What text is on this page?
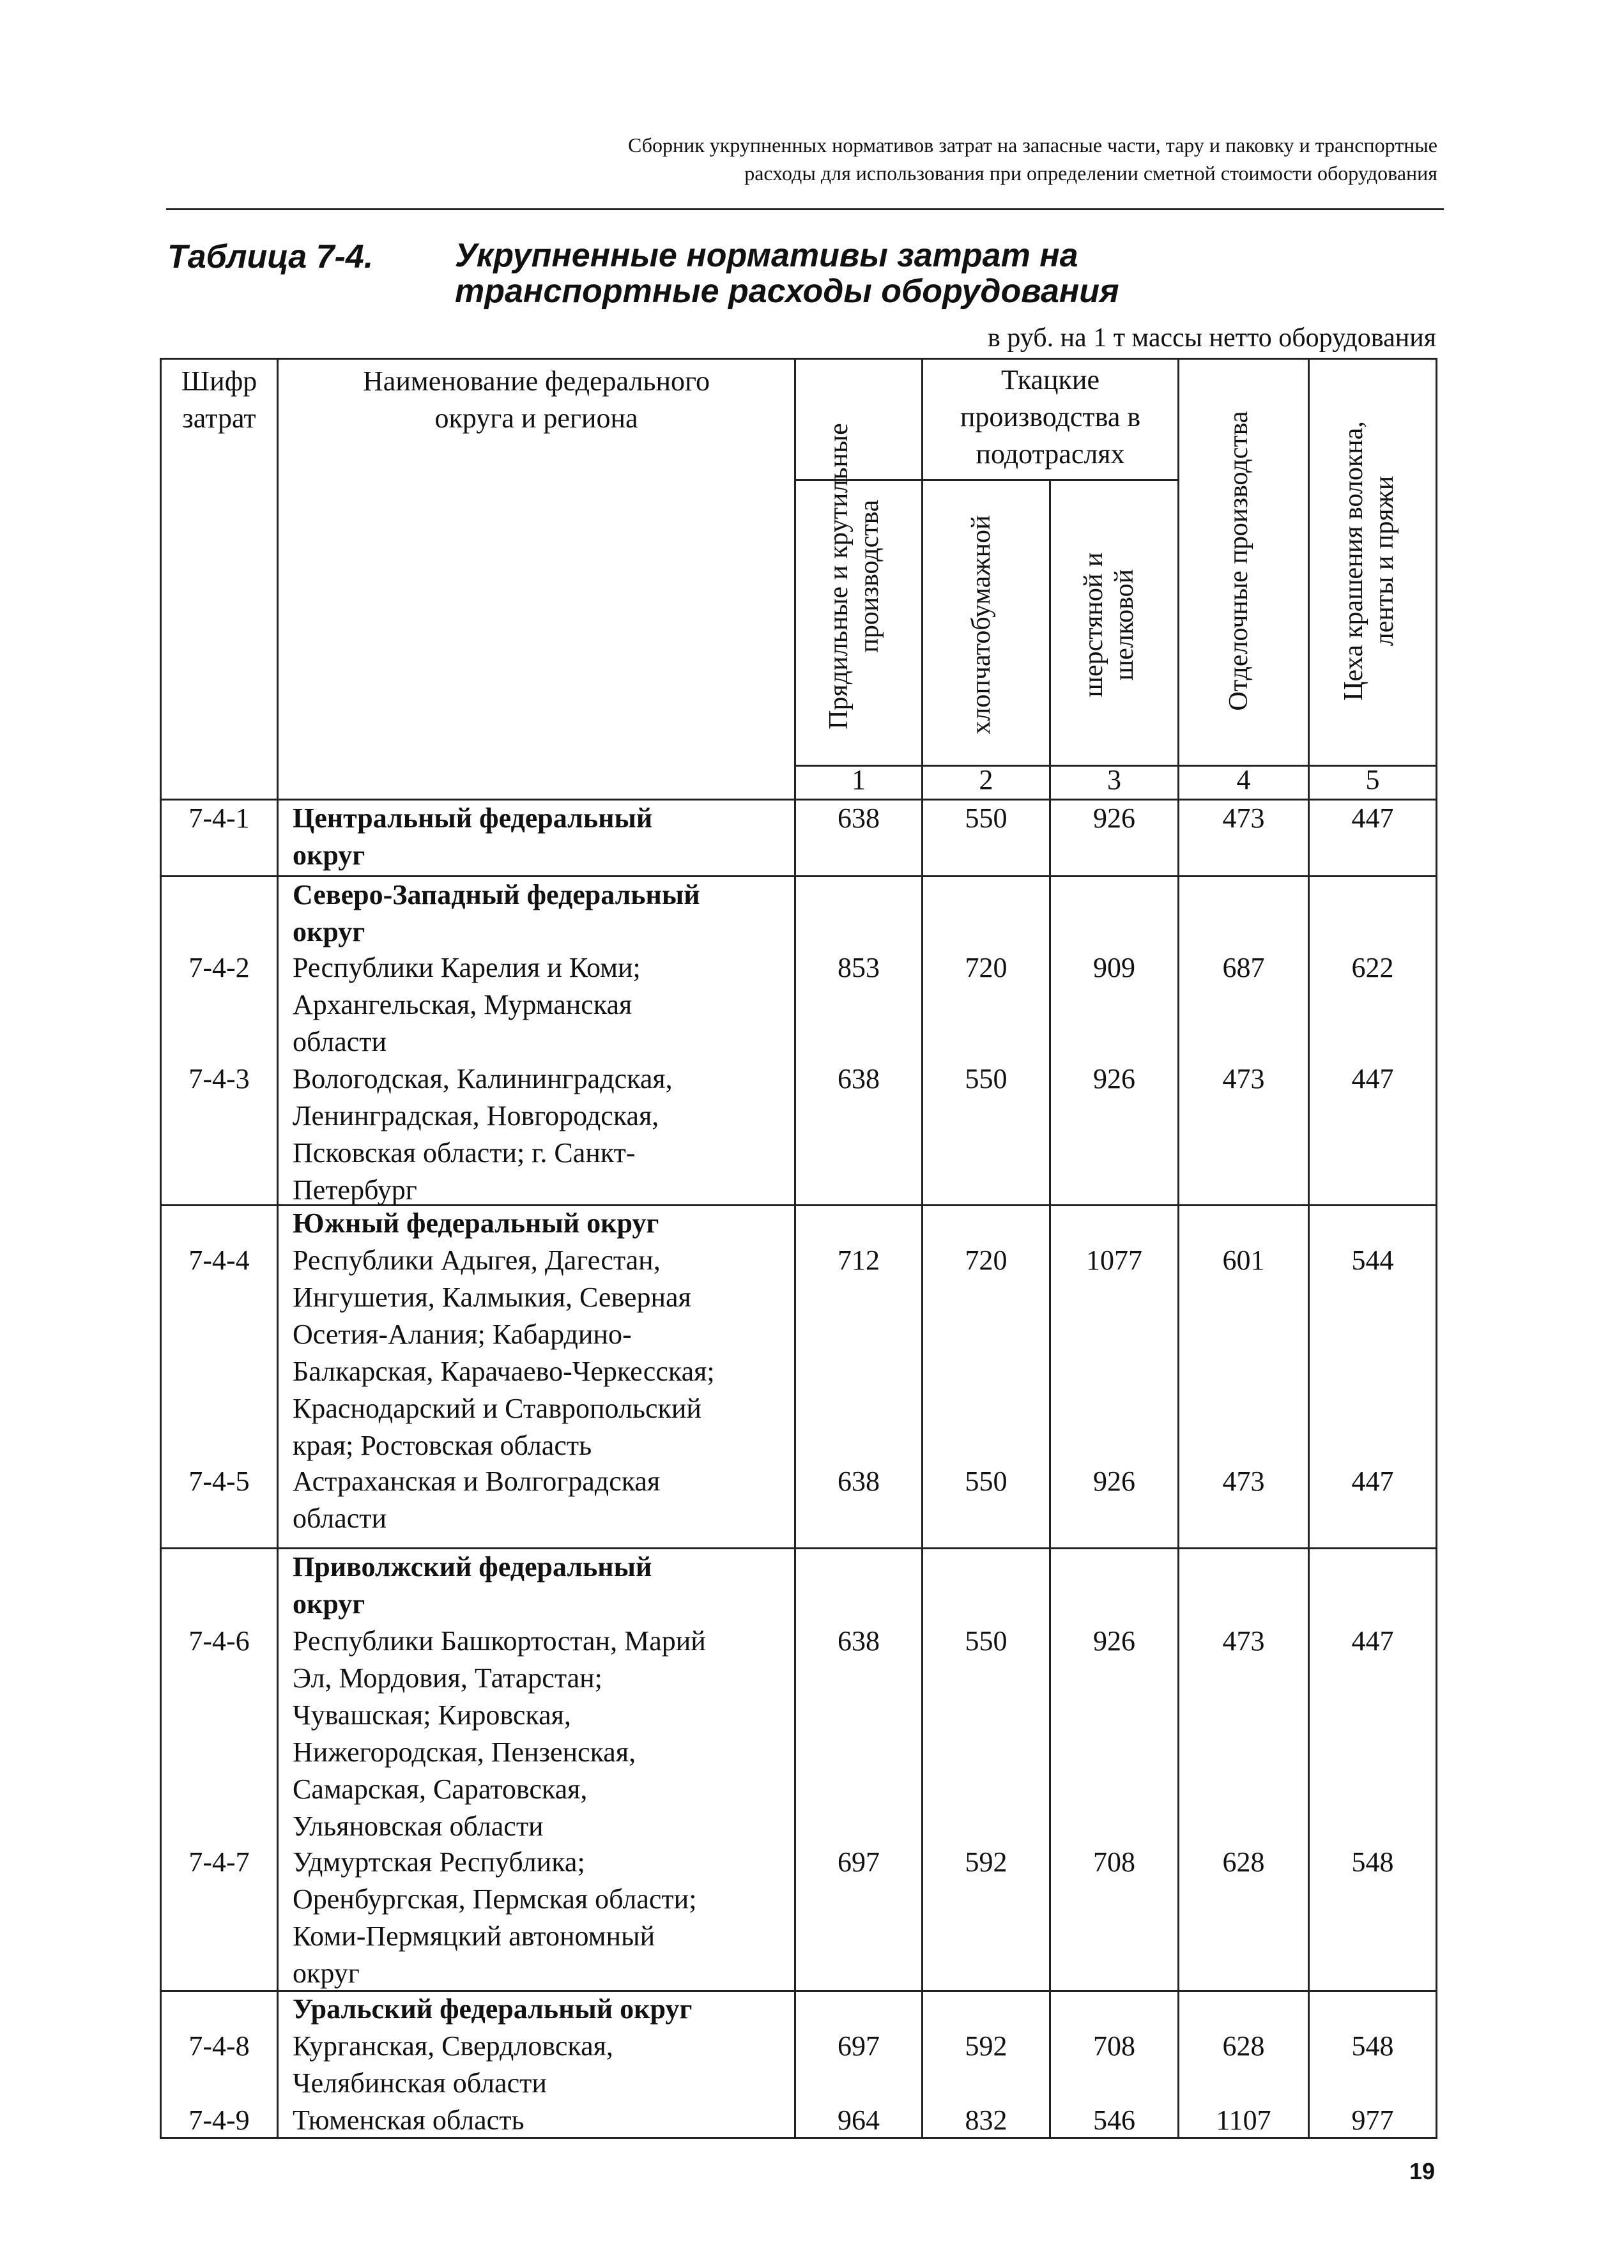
Сборник укрупненных нормативов затрат на запасные части, тару и паковку и транспортные
расходы для использования при определении сметной стоимости оборудования
Таблица 7-4. Укрупненные нормативы затрат на транспортные расходы оборудования
в руб. на 1 т массы нетто оборудования
Шифр
затрат
Наименование федерального
округа и региона
Прядильные и крутильные производства
Ткацкие
производства в
подотраслях
хлопчатобумажной	шерстяной и шелковой	Отделочные производства	Цеха крашения волокна, ленты и пряжи
1	2	3	4	5
7-4-1	Центральный федеральный
округ
638	550	926	473	447
Северо-Западный федеральный
округ
7-4-2	Республики Карелия и Коми;
Архангельская, Мурманская
области
853	720	909	687	622
7-4-3	Вологодская, Калининградская,
Ленинградская, Новгородская,
Псковская области; г. Санкт-
Петербург
638	550	926	473	447
Южный федеральный округ
7-4-4	Республики Адыгея, Дагестан,
Ингушетия, Калмыкия, Северная
Осетия-Алания; Кабардино-
Балкарская, Карачаево-Черкесская;
Краснодарский и Ставропольский
края; Ростовская область
712	720	1077	601	544
7-4-5	Астраханская и Волгоградская
области
638	550	926	473	447
Приволжский федеральный
округ
7-4-6	Республики Башкортостан, Марий
Эл, Мордовия, Татарстан;
Чувашская; Кировская,
Нижегородская, Пензенская,
Самарская, Саратовская,
Ульяновская области
638	550	926	473	447
7-4-7	Удмуртская Республика;
Оренбургская, Пермская области;
Коми-Пермяцкий автономный
округ
697	592	708	628	548
Уральский федеральный округ
7-4-8	Курганская, Свердловская,
Челябинская области
697	592	708	628	548
7-4-9	Тюменская область	964	832	546	1107	977
19
